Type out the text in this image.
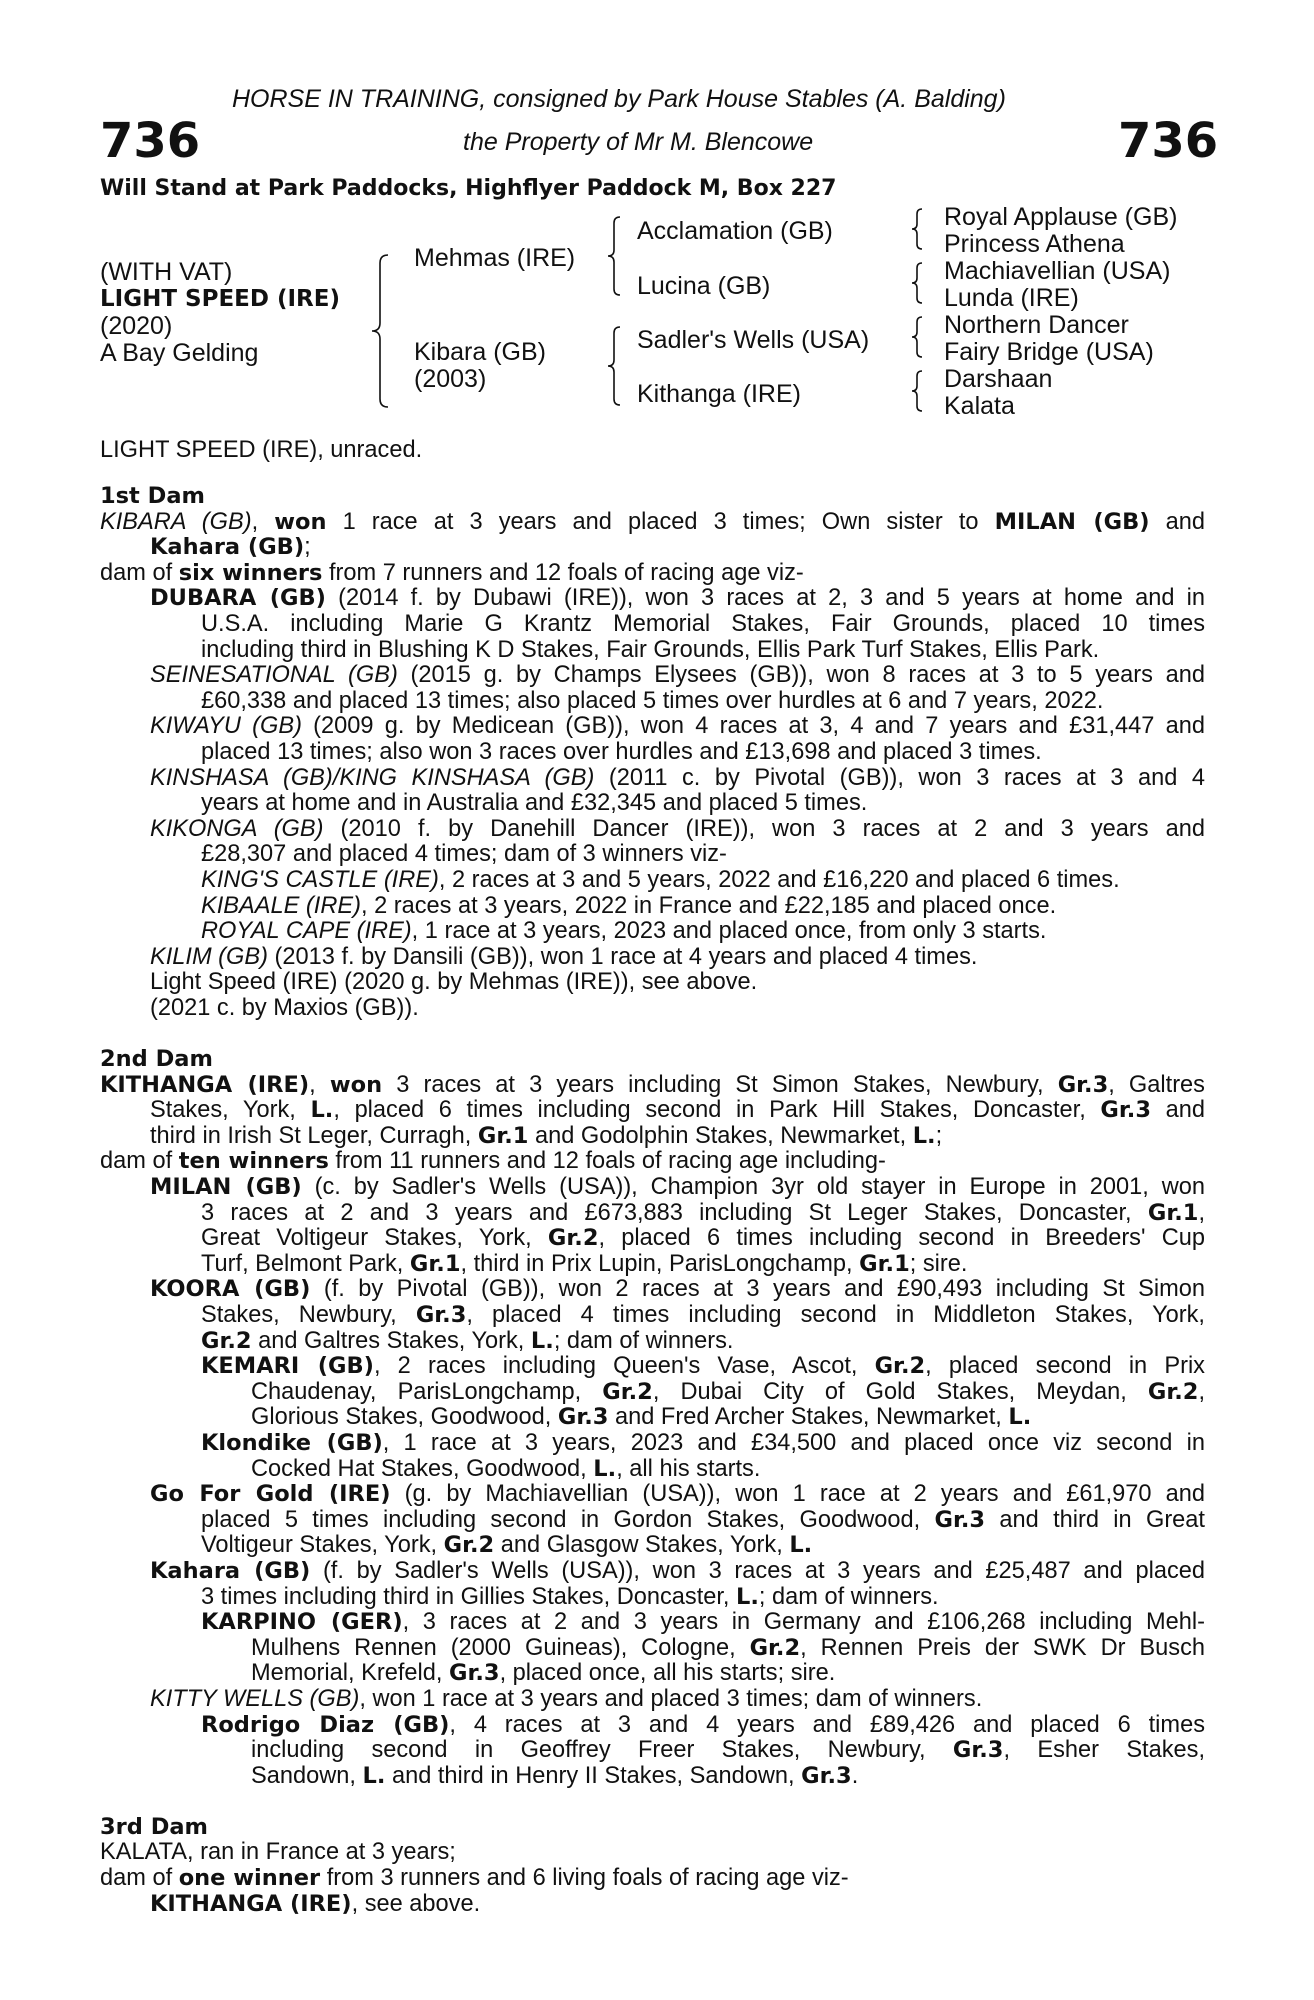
HORSE IN TRAINING, consigned by Park House Stables (A. Balding)
736	the Property of Mr M. Blencowe	736
Will Stand at Park Paddocks, Highflyer Paddock M, Box 227
(WITH VAT)
LIGHT SPEED (IRE)
(2020)
A Bay Gelding
Mehmas (IRE)
Kibara (GB)
(2003)
Acclamation (GB)
Lucina (GB)
Sadler's Wells (USA)
Kithanga (IRE)
Royal Applause (GB)
Princess Athena
Machiavellian (USA)
Lunda (IRE)
Northern Dancer
Fairy Bridge (USA)
Darshaan
Kalata
LIGHT SPEED (IRE), unraced.
1st Dam
KIBARA (GB), won 1 race at 3 years and placed 3 times; Own sister to MILAN (GB) and
Kahara (GB);
dam of six winners from 7 runners and 12 foals of racing age viz-
DUBARA (GB) (2014 f. by Dubawi (IRE)), won 3 races at 2, 3 and 5 years at home and in
U.S.A. including Marie G Krantz Memorial Stakes, Fair Grounds, placed 10 times
including third in Blushing K D Stakes, Fair Grounds, Ellis Park Turf Stakes, Ellis Park.
SEINESATIONAL (GB) (2015 g. by Champs Elysees (GB)), won 8 races at 3 to 5 years and
£60,338 and placed 13 times; also placed 5 times over hurdles at 6 and 7 years, 2022.
KIWAYU (GB) (2009 g. by Medicean (GB)), won 4 races at 3, 4 and 7 years and £31,447 and
placed 13 times; also won 3 races over hurdles and £13,698 and placed 3 times.
KINSHASA (GB)/KING KINSHASA (GB) (2011 c. by Pivotal (GB)), won 3 races at 3 and 4
years at home and in Australia and £32,345 and placed 5 times.
KIKONGA (GB) (2010 f. by Danehill Dancer (IRE)), won 3 races at 2 and 3 years and
£28,307 and placed 4 times; dam of 3 winners viz-
KING'S CASTLE (IRE), 2 races at 3 and 5 years, 2022 and £16,220 and placed 6 times.
KIBAALE (IRE), 2 races at 3 years, 2022 in France and £22,185 and placed once.
ROYAL CAPE (IRE), 1 race at 3 years, 2023 and placed once, from only 3 starts.
KILIM (GB) (2013 f. by Dansili (GB)), won 1 race at 4 years and placed 4 times.
Light Speed (IRE) (2020 g. by Mehmas (IRE)), see above.
(2021 c. by Maxios (GB)).
2nd Dam
KITHANGA (IRE), won 3 races at 3 years including St Simon Stakes, Newbury, Gr.3, Galtres
Stakes, York, L., placed 6 times including second in Park Hill Stakes, Doncaster, Gr.3 and
third in Irish St Leger, Curragh, Gr.1 and Godolphin Stakes, Newmarket, L.;
dam of ten winners from 11 runners and 12 foals of racing age including-
MILAN (GB) (c. by Sadler's Wells (USA)), Champion 3yr old stayer in Europe in 2001, won
3 races at 2 and 3 years and £673,883 including St Leger Stakes, Doncaster, Gr.1,
Great Voltigeur Stakes, York, Gr.2, placed 6 times including second in Breeders' Cup
Turf, Belmont Park, Gr.1, third in Prix Lupin, ParisLongchamp, Gr.1; sire.
KOORA (GB) (f. by Pivotal (GB)), won 2 races at 3 years and £90,493 including St Simon
Stakes, Newbury, Gr.3, placed 4 times including second in Middleton Stakes, York,
Gr.2 and Galtres Stakes, York, L.; dam of winners.
KEMARI (GB), 2 races including Queen's Vase, Ascot, Gr.2, placed second in Prix
Chaudenay, ParisLongchamp, Gr.2, Dubai City of Gold Stakes, Meydan, Gr.2,
Glorious Stakes, Goodwood, Gr.3 and Fred Archer Stakes, Newmarket, L.
Klondike (GB), 1 race at 3 years, 2023 and £34,500 and placed once viz second in
Cocked Hat Stakes, Goodwood, L., all his starts.
Go For Gold (IRE) (g. by Machiavellian (USA)), won 1 race at 2 years and £61,970 and
placed 5 times including second in Gordon Stakes, Goodwood, Gr.3 and third in Great
Voltigeur Stakes, York, Gr.2 and Glasgow Stakes, York, L.
Kahara (GB) (f. by Sadler's Wells (USA)), won 3 races at 3 years and £25,487 and placed
3 times including third in Gillies Stakes, Doncaster, L.; dam of winners.
KARPINO (GER), 3 races at 2 and 3 years in Germany and £106,268 including Mehl-
Mulhens Rennen (2000 Guineas), Cologne, Gr.2, Rennen Preis der SWK Dr Busch
Memorial, Krefeld, Gr.3, placed once, all his starts; sire.
KITTY WELLS (GB), won 1 race at 3 years and placed 3 times; dam of winners.
Rodrigo Diaz (GB), 4 races at 3 and 4 years and £89,426 and placed 6 times
including second in Geoffrey Freer Stakes, Newbury, Gr.3, Esher Stakes,
Sandown, L. and third in Henry II Stakes, Sandown, Gr.3.
3rd Dam
KALATA, ran in France at 3 years;
dam of one winner from 3 runners and 6 living foals of racing age viz-
KITHANGA (IRE), see above.
